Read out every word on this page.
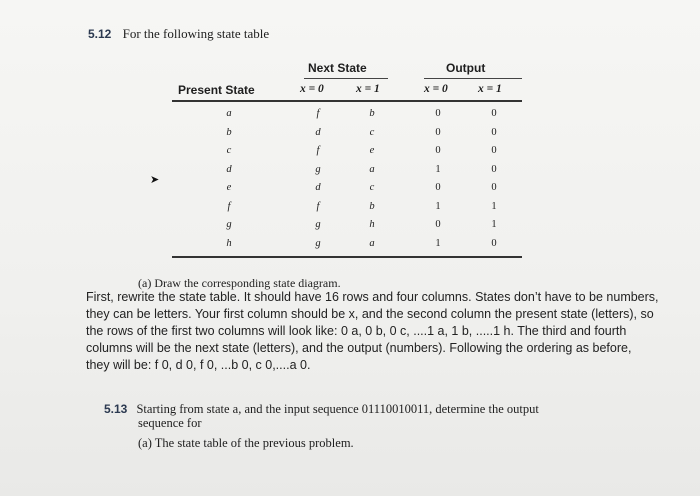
5.12 For the following state table
Next State	Output
Present State	x = 0	x = 1	x = 0	x = 1
a	f	b	0	0
b	d	c	0	0
c	f	e	0	0
d	g	a	1	0
e	d	c	0	0
f	f	b	1	1
g	g	h	0	1
h	g	a	1	0
➤
(a) Draw the corresponding state diagram.
First, rewrite the state table. It should have 16 rows and four columns. States don’t have to be numbers,
they can be letters. Your first column should be x, and the second column the present state (letters), so
the rows of the first two columns will look like: 0 a, 0 b, 0 c, ....1 a, 1 b, .....1 h. The third and fourth
columns will be the next state (letters), and the output (numbers). Following the ordering as before,
they will be: f 0, d 0, f 0, ...b 0, c 0,....a 0.
5.13 Starting from state a, and the input sequence 01110010011, determine the output
sequence for
(a) The state table of the previous problem.
